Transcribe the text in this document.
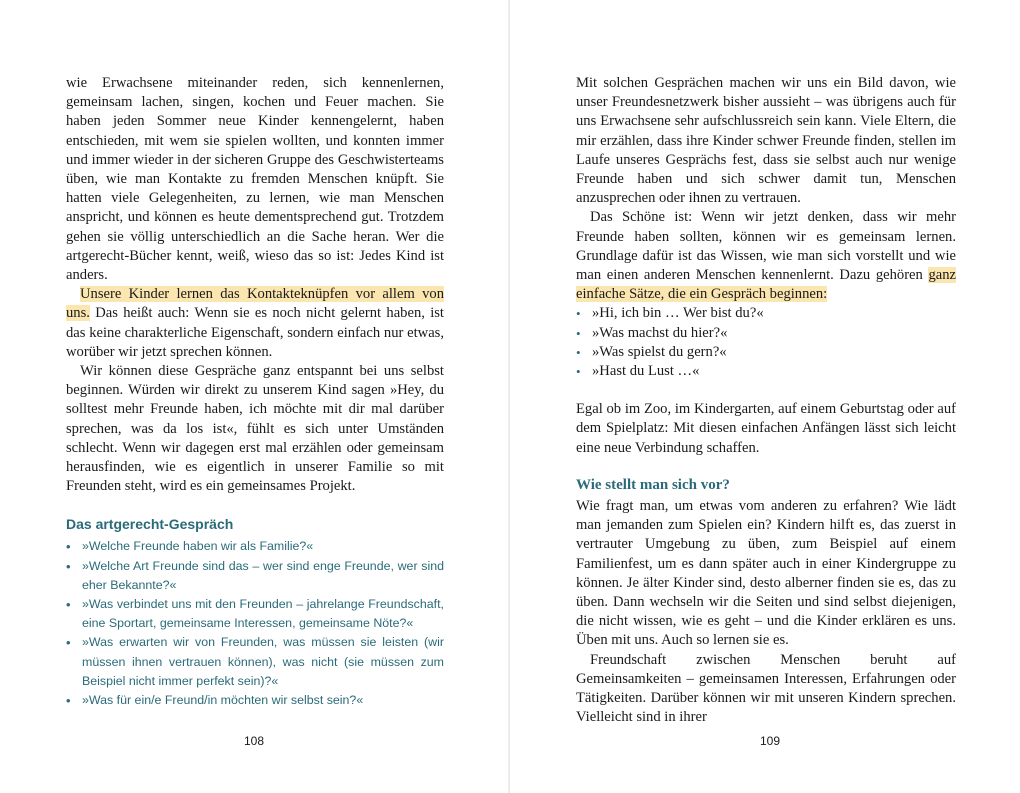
wie Erwachsene miteinander reden, sich kennenlernen, gemeinsam lachen, singen, kochen und Feuer machen. Sie haben jeden Sommer neue Kinder kennengelernt, haben entschieden, mit wem sie spielen wollten, und konnten immer und immer wieder in der sicheren Gruppe des Geschwisterteams üben, wie man Kontakte zu fremden Menschen knüpft. Sie hatten viele Gelegenheiten, zu lernen, wie man Menschen anspricht, und können es heute dementsprechend gut. Trotzdem gehen sie völlig unterschiedlich an die Sache heran. Wer die artgerecht-Bücher kennt, weiß, wieso das so ist: Jedes Kind ist anders.

Unsere Kinder lernen das Kontakteknüpfen vor allem von uns. Das heißt auch: Wenn sie es noch nicht gelernt haben, ist das keine charakterliche Eigenschaft, sondern einfach nur etwas, worüber wir jetzt sprechen können.

Wir können diese Gespräche ganz entspannt bei uns selbst beginnen. Würden wir direkt zu unserem Kind sagen »Hey, du solltest mehr Freunde haben, ich möchte mit dir mal darüber sprechen, was da los ist«, fühlt es sich unter Umständen schlecht. Wenn wir dagegen erst mal erzählen oder gemeinsam herausfinden, wie es eigentlich in unserer Familie so mit Freunden steht, wird es ein gemeinsames Projekt.

Das artgerecht-Gespräch
• »Welche Freunde haben wir als Familie?«
• »Welche Art Freunde sind das – wer sind enge Freunde, wer sind eher Bekannte?«
• »Was verbindet uns mit den Freunden – jahrelange Freundschaft, eine Sportart, gemeinsame Interessen, gemeinsame Nöte?«
• »Was erwarten wir von Freunden, was müssen sie leisten (wir müssen ihnen vertrauen können), was nicht (sie müssen zum Beispiel nicht immer perfekt sein)?«
• »Was für ein/e Freund/in möchten wir selbst sein?«
108

Mit solchen Gesprächen machen wir uns ein Bild davon, wie unser Freundesnetzwerk bisher aussieht – was übrigens auch für uns Erwachsene sehr aufschlussreich sein kann. Viele Eltern, die mir erzählen, dass ihre Kinder schwer Freunde finden, stellen im Laufe unseres Gesprächs fest, dass sie selbst auch nur wenige Freunde haben und sich schwer damit tun, Menschen anzusprechen oder ihnen zu vertrauen.

Das Schöne ist: Wenn wir jetzt denken, dass wir mehr Freunde haben sollten, können wir es gemeinsam lernen. Grundlage dafür ist das Wissen, wie man sich vorstellt und wie man einen anderen Menschen kennenlernt. Dazu gehören ganz einfache Sätze, die ein Gespräch beginnen:

• »Hi, ich bin … Wer bist du?«
• »Was machst du hier?«
• »Was spielst du gern?«
• »Hast du Lust …«

Egal ob im Zoo, im Kindergarten, auf einem Geburtstag oder auf dem Spielplatz: Mit diesen einfachen Anfängen lässt sich leicht eine neue Verbindung schaffen.

Wie stellt man sich vor?

Wie fragt man, um etwas vom anderen zu erfahren? Wie lädt man jemanden zum Spielen ein? Kindern hilft es, das zuerst in vertrauter Umgebung zu üben, zum Beispiel auf einem Familienfest, um es dann später auch in einer Kindergruppe zu können. Je älter Kinder sind, desto alberner finden sie es, das zu üben. Dann wechseln wir die Seiten und sind selbst diejenigen, die nicht wissen, wie es geht – und die Kinder erklären es uns. Üben mit uns. Auch so lernen sie es.

Freundschaft zwischen Menschen beruht auf Gemeinsamkeiten – gemeinsamen Interessen, Erfahrungen oder Tätigkeiten. Darüber können wir mit unseren Kindern sprechen. Vielleicht sind in ihrer

109
